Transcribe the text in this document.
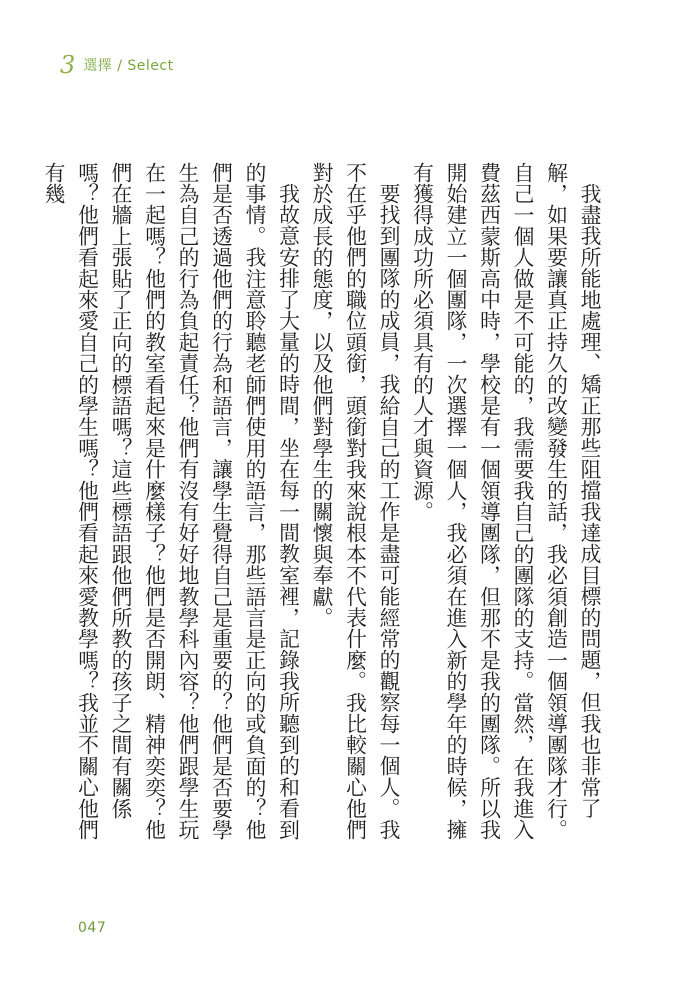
3 選擇 / Select

我盡我所能地處理、矯正那些阻擋我達成目標的問題，但我也非常了解，如果要讓真正持久的改變發生的話，我必須創造一個領導團隊才行。自己一個人做是不可能的，我需要我自己的團隊的支持。當然，在我進入費茲西蒙斯高中時，學校是有一個領導團隊，但那不是我的團隊。所以我開始建立一個團隊，一次選擇一個人，我必須在進入新的學年的時候，擁有獲得成功所必須具有的人才與資源。

要找到團隊的成員，我給自己的工作是盡可能經常的觀察每一個人。我不在乎他們的職位頭銜，頭銜對我來說根本不代表什麼。我比較關心他們對於成長的態度，以及他們對學生的關懷與奉獻。

我故意安排了大量的時間，坐在每一間教室裡，記錄我所聽到的和看到的事情。我注意聆聽老師們使用的語言，那些語言是正向的或負面的？他們是否透過他們的行為和語言，讓學生覺得自己是重要的？他們是否要學生為自己的行為負起責任？他們有沒有好好地教學科內容？他們跟學生玩在一起嗎？他們的教室看起來是什麼樣子？他們是否開朗、精神奕奕？他們在牆上張貼了正向的標語嗎？這些標語跟他們所教的孩子之間有關係嗎？他們看起來愛自己的學生嗎？他們看起來愛教學嗎？我並不關心他們有幾

047
